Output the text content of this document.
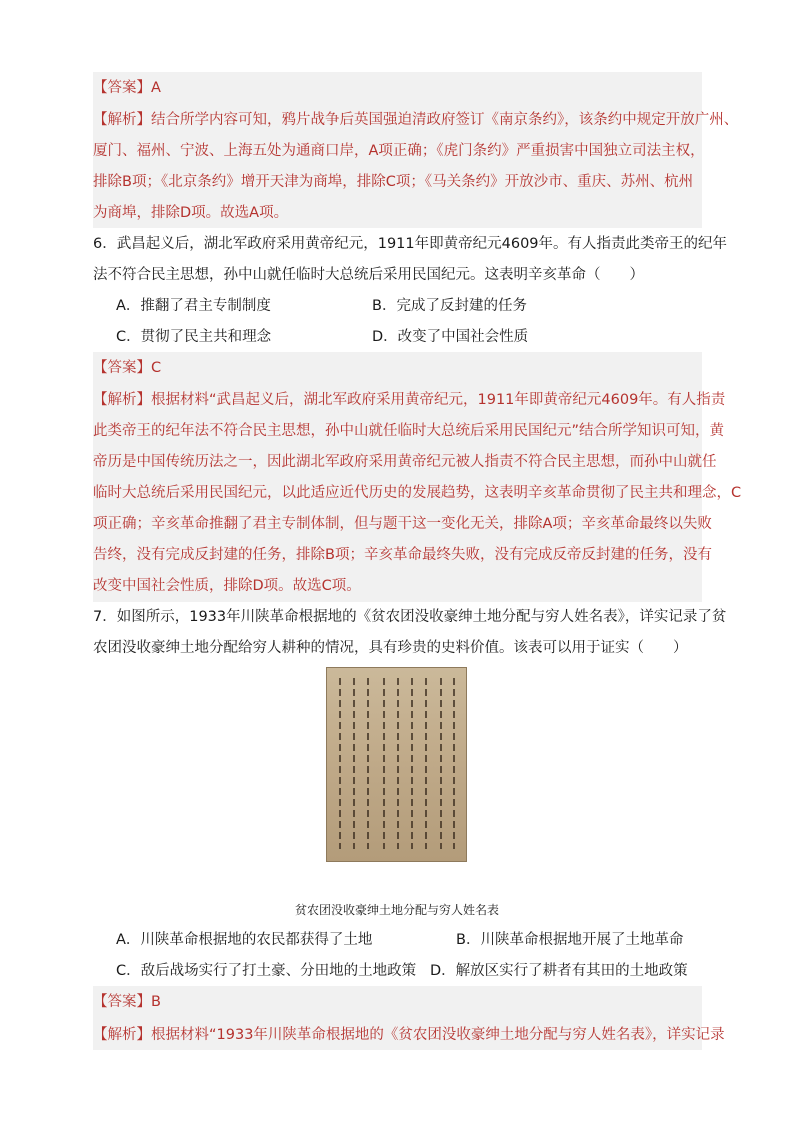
【答案】A
【解析】结合所学内容可知，鸦片战争后英国强迫清政府签订《南京条约》，该条约中规定开放广州、
厦门、福州、宁波、上海五处为通商口岸，A项正确；《虎门条约》严重损害中国独立司法主权，
排除B项；《北京条约》增开天津为商埠，排除C项；《马关条约》开放沙市、重庆、苏州、杭州
为商埠，排除D项。故选A项。
6．武昌起义后，湖北军政府采用黄帝纪元，1911年即黄帝纪元4609年。有人指责此类帝王的纪年
法不符合民主思想，孙中山就任临时大总统后采用民国纪元。这表明辛亥革命（　　）
A．推翻了君主专制制度	B．完成了反封建的任务
C．贯彻了民主共和理念	D．改变了中国社会性质
【答案】C
【解析】根据材料“武昌起义后，湖北军政府采用黄帝纪元，1911年即黄帝纪元4609年。有人指责
此类帝王的纪年法不符合民主思想，孙中山就任临时大总统后采用民国纪元”结合所学知识可知，黄
帝历是中国传统历法之一，因此湖北军政府采用黄帝纪元被人指责不符合民主思想，而孙中山就任
临时大总统后采用民国纪元，以此适应近代历史的发展趋势，这表明辛亥革命贯彻了民主共和理念，C
项正确；辛亥革命推翻了君主专制体制，但与题干这一变化无关，排除A项；辛亥革命最终以失败
告终，没有完成反封建的任务，排除B项；辛亥革命最终失败，没有完成反帝反封建的任务，没有
改变中国社会性质，排除D项。故选C项。
7．如图所示，1933年川陕革命根据地的《贫农团没收豪绅土地分配与穷人姓名表》，详实记录了贫
农团没收豪绅土地分配给穷人耕种的情况，具有珍贵的史料价值。该表可以用于证实（　　）
贫农团没收豪绅土地分配与穷人姓名表
A．川陕革命根据地的农民都获得了土地	B．川陕革命根据地开展了土地革命
C．敌后战场实行了打土豪、分田地的土地政策 D．解放区实行了耕者有其田的土地政策
【答案】B
【解析】根据材料“1933年川陕革命根据地的《贫农团没收豪绅土地分配与穷人姓名表》，详实记录
